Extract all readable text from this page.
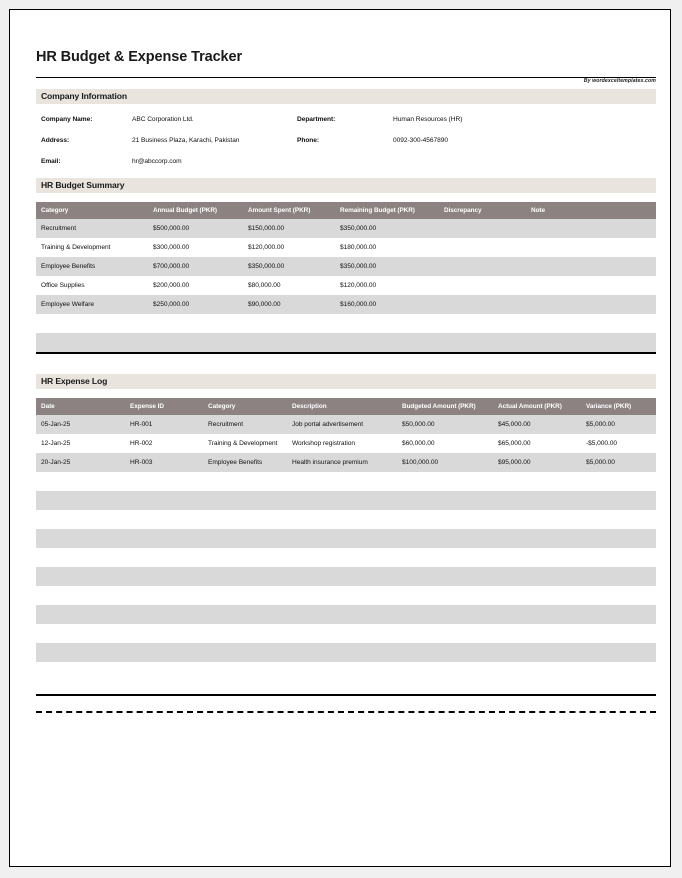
HR Budget & Expense Tracker
By wordexceltemplates.com
Company Information
Company Name:	ABC Corporation Ltd.	Department:	Human Resources (HR)
Address:	21 Business Plaza, Karachi, Pakistan	Phone:	0092-300-4567890
Email:	hr@abccorp.com
HR Budget Summary
Category	Annual Budget (PKR)	Amount Spent (PKR)	Remaining Budget (PKR)	Discrepancy	Note
Recruitment	$500,000.00	$150,000.00	$350,000.00		
Training & Development	$300,000.00	$120,000.00	$180,000.00		
Employee Benefits	$700,000.00	$350,000.00	$350,000.00		
Office Supplies	$200,000.00	$80,000.00	$120,000.00		
Employee Welfare	$250,000.00	$90,000.00	$160,000.00		

HR Expense Log
Date	Expense ID	Category	Description	Budgeted Amount (PKR)	Actual Amount (PKR)	Variance (PKR)
05-Jan-25	HR-001	Recruitment	Job portal advertisement	$50,000.00	$45,000.00	$5,000.00
12-Jan-25	HR-002	Training & Development	Workshop registration	$60,000.00	$65,000.00	-$5,000.00
20-Jan-25	HR-003	Employee Benefits	Health insurance premium	$100,000.00	$95,000.00	$5,000.00
